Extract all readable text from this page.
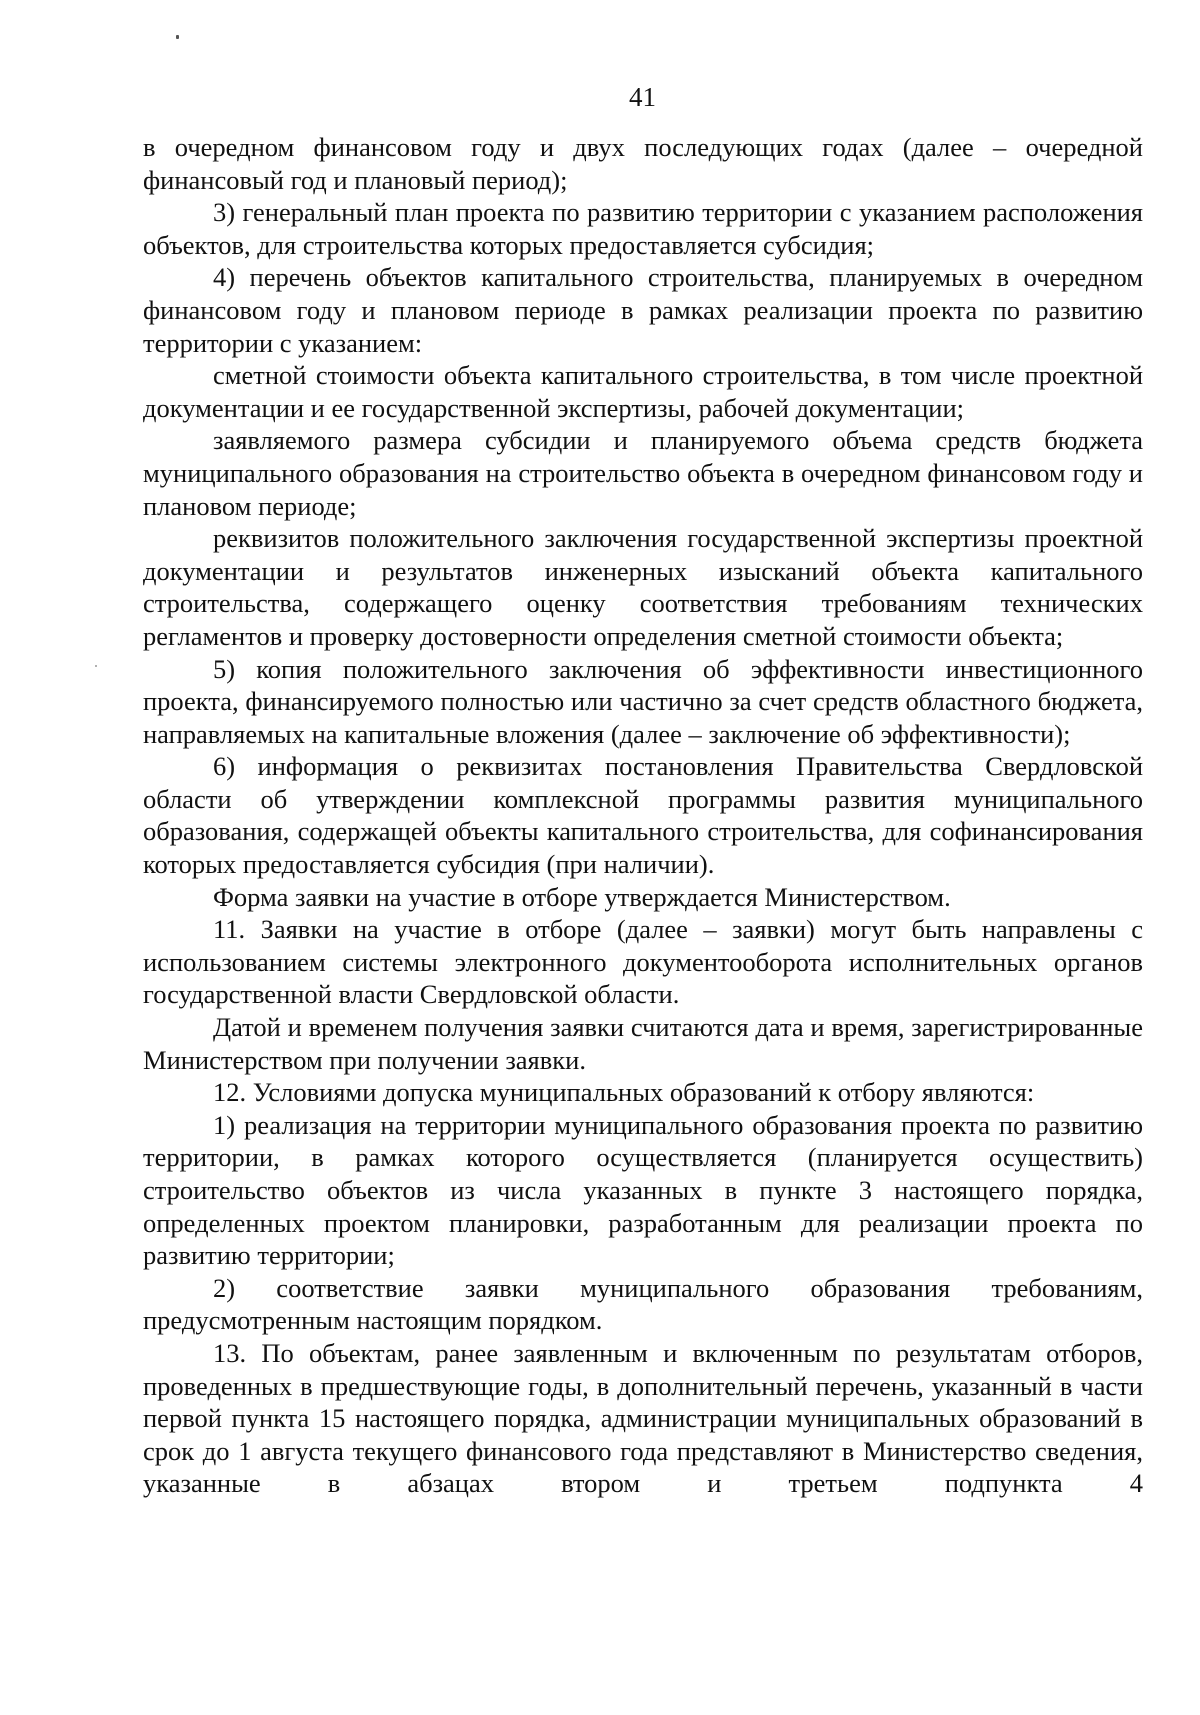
41

в очередном финансовом году и двух последующих годах (далее – очередной финансовый год и плановый период);

3) генеральный план проекта по развитию территории с указанием расположения объектов, для строительства которых предоставляется субсидия;

4) перечень объектов капитального строительства, планируемых в очередном финансовом году и плановом периоде в рамках реализации проекта по развитию территории с указанием:

сметной стоимости объекта капитального строительства, в том числе проектной документации и ее государственной экспертизы, рабочей документации;

заявляемого размера субсидии и планируемого объема средств бюджета муниципального образования на строительство объекта в очередном финансовом году и плановом периоде;

реквизитов положительного заключения государственной экспертизы проектной документации и результатов инженерных изысканий объекта капитального строительства, содержащего оценку соответствия требованиям технических регламентов и проверку достоверности определения сметной стоимости объекта;

5) копия положительного заключения об эффективности инвестиционного проекта, финансируемого полностью или частично за счет средств областного бюджета, направляемых на капитальные вложения (далее – заключение об эффективности);

6) информация о реквизитах постановления Правительства Свердловской области об утверждении комплексной программы развития муниципального образования, содержащей объекты капитального строительства, для софинансирования которых предоставляется субсидия (при наличии).

Форма заявки на участие в отборе утверждается Министерством.

11. Заявки на участие в отборе (далее – заявки) могут быть направлены с использованием системы электронного документооборота исполнительных органов государственной власти Свердловской области.

Датой и временем получения заявки считаются дата и время, зарегистрированные Министерством при получении заявки.

12. Условиями допуска муниципальных образований к отбору являются:

1) реализация на территории муниципального образования проекта по развитию территории, в рамках которого осуществляется (планируется осуществить) строительство объектов из числа указанных в пункте 3 настоящего порядка, определенных проектом планировки, разработанным для реализации проекта по развитию территории;

2) соответствие заявки муниципального образования требованиям, предусмотренным настоящим порядком.

13. По объектам, ранее заявленным и включенным по результатам отборов, проведенных в предшествующие годы, в дополнительный перечень, указанный в части первой пункта 15 настоящего порядка, администрации муниципальных образований в срок до 1 августа текущего финансового года представляют в Министерство сведения, указанные в абзацах втором и третьем подпункта 4
